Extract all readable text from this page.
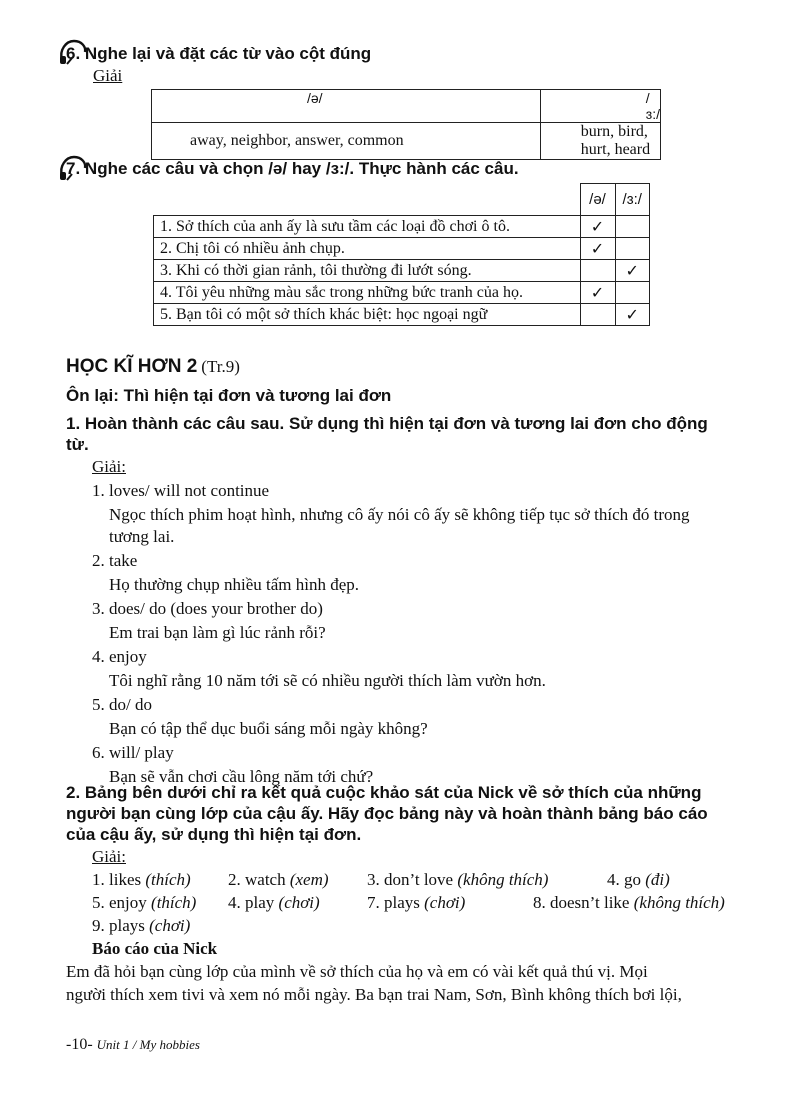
6. Nghe lại và đặt các từ vào cột đúng
Giải
/ə/	/ɜ:/
away, neighbor, answer, common	burn, bird, hurt, heard
7. Nghe các câu và chọn /ə/ hay /ɜ:/. Thực hành các câu.
	/ə/	/ɜ:/
1. Sở thích của anh ấy là sưu tầm các loại đồ chơi ô tô.	✓	
2. Chị tôi có nhiều ảnh chụp.	✓	
3. Khi có thời gian rảnh, tôi thường đi lướt sóng.		✓
4. Tôi yêu những màu sắc trong những bức tranh của họ.	✓	
5. Bạn tôi có một sở thích khác biệt: học ngoại ngữ		✓
HỌC KĨ HƠN 2 (Tr.9)
Ôn lại: Thì hiện tại đơn và tương lai đơn
1. Hoàn thành các câu sau. Sử dụng thì hiện tại đơn và tương lai đơn cho động
từ.
Giải:
1. loves/ will not continue
Ngọc thích phim hoạt hình, nhưng cô ấy nói cô ấy sẽ không tiếp tục sở thích đó trong
tương lai.
2. take
Họ thường chụp nhiều tấm hình đẹp.
3. does/ do (does your brother do)
Em trai bạn làm gì lúc rảnh rỗi?
4. enjoy
Tôi nghĩ rằng 10 năm tới sẽ có nhiều người thích làm vườn hơn.
5. do/ do
Bạn có tập thể dục buổi sáng mỗi ngày không?
6. will/ play
Bạn sẽ vẫn chơi cầu lông năm tới chứ?
2. Bảng bên dưới chỉ ra kết quả cuộc khảo sát của Nick về sở thích của những
người bạn cùng lớp của cậu ấy. Hãy đọc bảng này và hoàn thành bảng báo cáo
của cậu ấy, sử dụng thì hiện tại đơn.
Giải:
1. likes (thích) 2. watch (xem) 3. don’t love (không thích)	4. go (đi)
5. enjoy (thích) 4. play (chơi)	7. plays (chơi)	8. doesn’t like (không thích)
9. plays (chơi)
Báo cáo của Nick
Em đã hỏi bạn cùng lớp của mình về sở thích của họ và em có vài kết quả thú vị. Mọi
người thích xem tivi và xem nó mỗi ngày. Ba bạn trai Nam, Sơn, Bình không thích bơi lội,
-10- Unit 1 / My hobbies
